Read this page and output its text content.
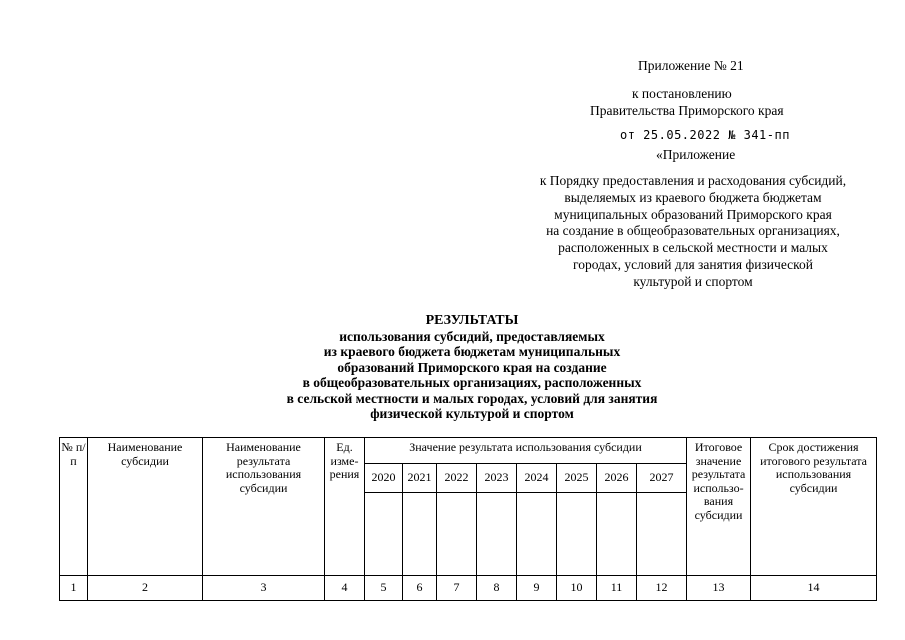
Приложение № 21
к постановлению
Правительства Приморского края
от 25.05.2022 № 341-пп
«Приложение
к Порядку предоставления и расходования субсидий,
выделяемых из краевого бюджета бюджетам
муниципальных образований Приморского края
на создание в общеобразовательных организациях,
расположенных в сельской местности и малых
городах, условий для занятия физической
культурой и спортом
РЕЗУЛЬТАТЫ
использования субсидий, предоставляемых
из краевого бюджета бюджетам муниципальных
образований Приморского края на создание
в общеобразовательных организациях, расположенных
в сельской местности и малых городах, условий для занятия
физической культурой и спортом
№ п/п	Наименование субсидии	Наименование результата использования субсидии	Ед. изме-рения	Значение результата использования субсидии								Итоговое значение результата использо-вания субсидии	Срок достижения итогового результата использования субсидии
				2020	2021	2022	2023	2024	2025	2026	2027		

1	2	3	4	5	6	7	8	9	10	11	12	13	14
